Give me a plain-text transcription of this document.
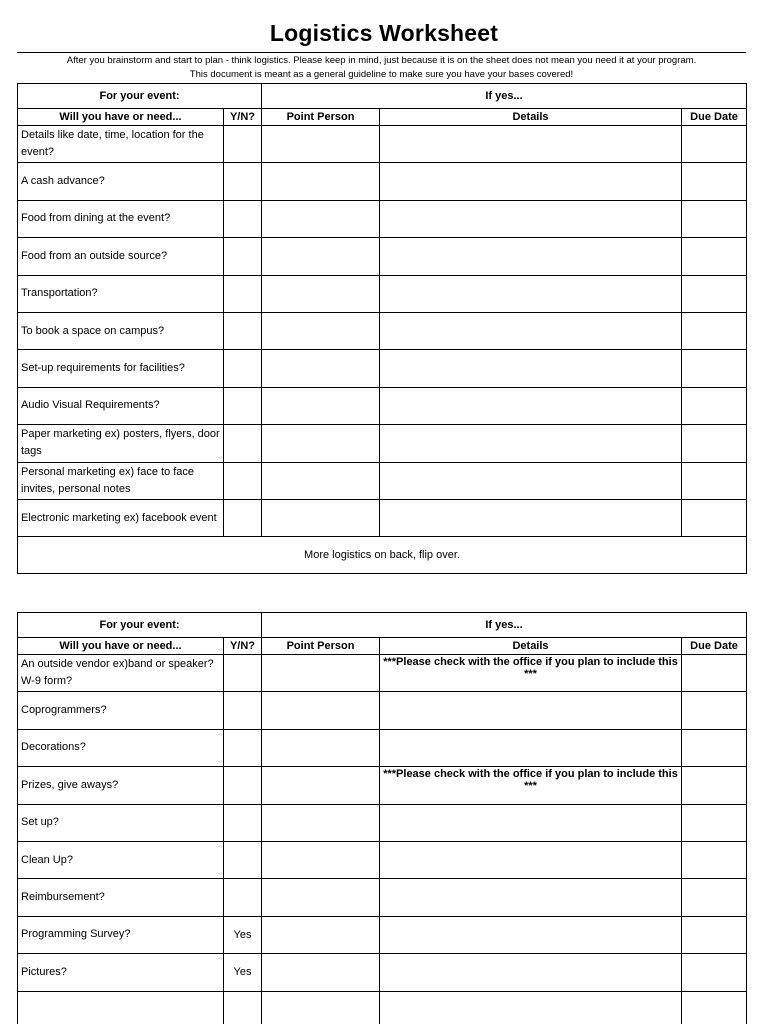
Logistics Worksheet
After you brainstorm and start to plan - think logistics. Please keep in mind, just because it is on the sheet does not mean you need it at your program.
This document is meant as a general guideline to make sure you have your bases covered!
For your event:		If yes...		
Will you have or need...	Y/N?	Point Person	Details	Due Date
Details like date, time, location for the event?				
A cash advance?				
Food from dining at the event?				
Food from an outside source?				
Transportation?				
To book a space on campus?				
Set-up requirements for facilities?				
Audio Visual Requirements?				
Paper marketing ex) posters, flyers, door tags				
Personal marketing ex) face to face invites, personal notes				
Electronic marketing ex) facebook event				
More logistics on back, flip over.				
For your event:		If yes...		
Will you have or need...	Y/N?	Point Person	Details	Due Date
An outside vendor ex)band or speaker? W-9 form?			***Please check with the office if you plan to include this ***	
Coprogrammers?				
Decorations?				
Prizes, give aways?			***Please check with the office if you plan to include this ***	
Set up?				
Clean Up?				
Reimbursement?				
Programming Survey?	Yes			
Pictures?	Yes			
